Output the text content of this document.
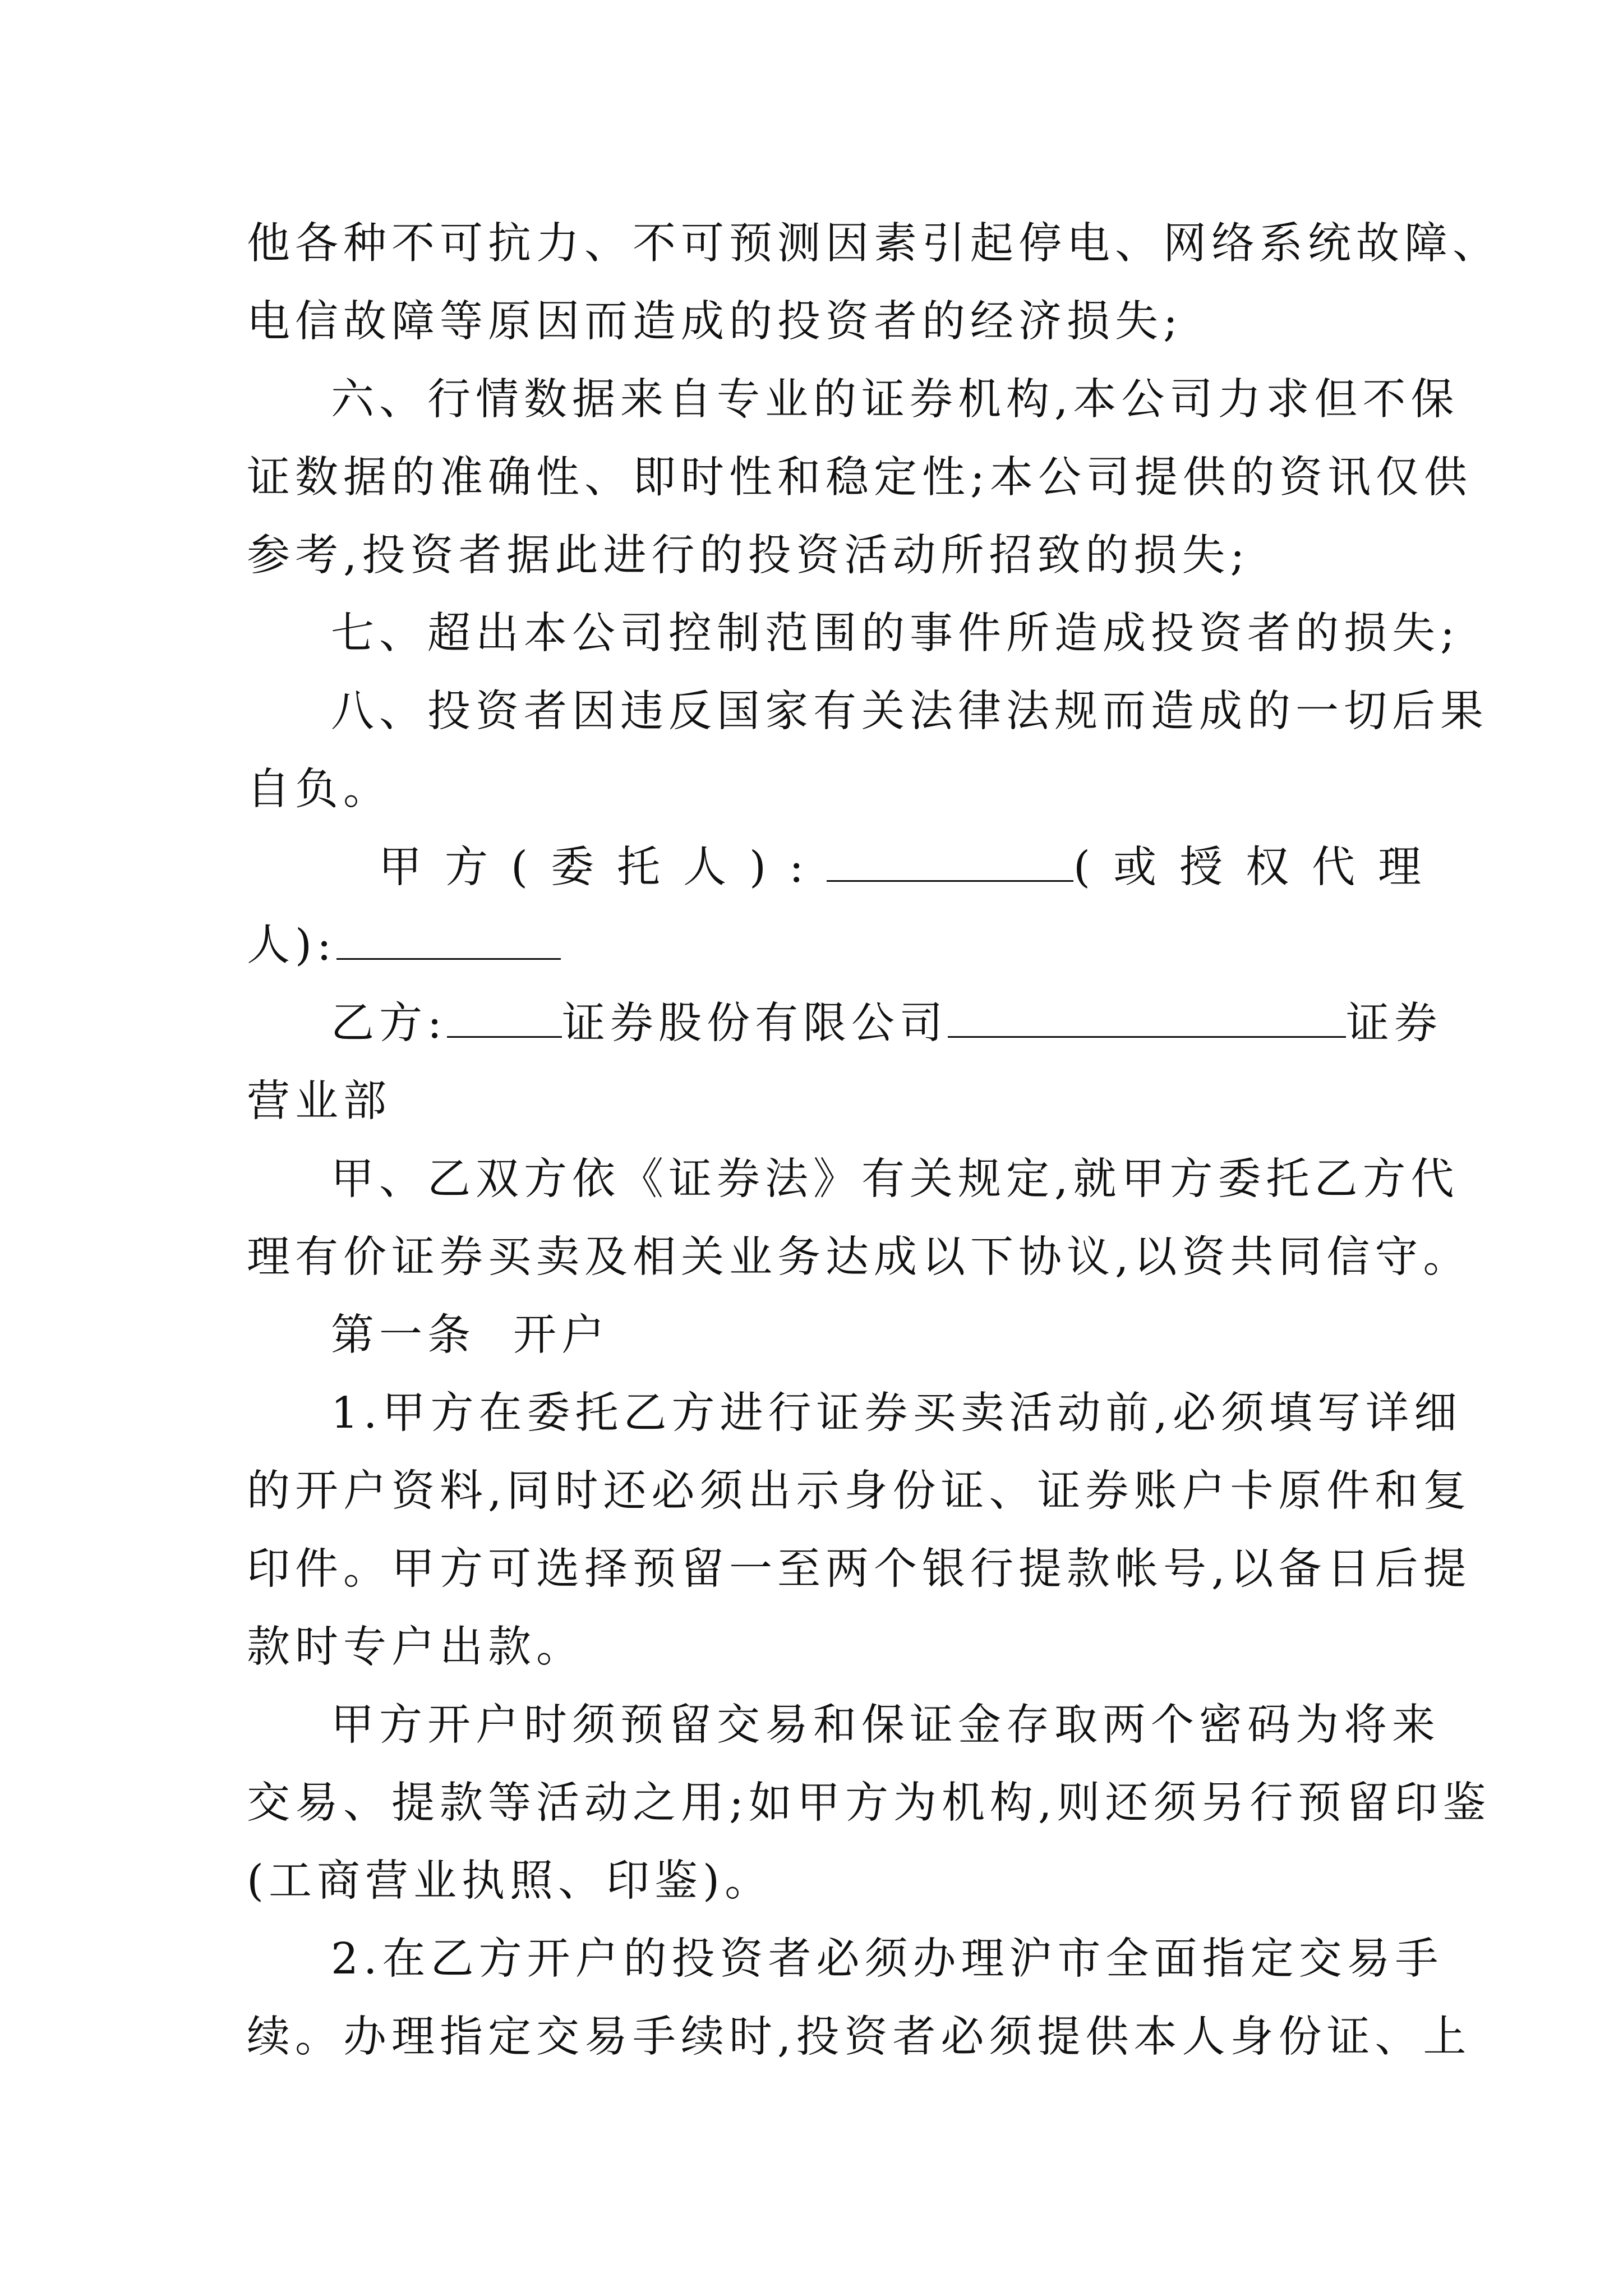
他各种不可抗力、不可预测因素引起停电、网络系统故障、
电信故障等原因而造成的投资者的经济损失;
六、行情数据来自专业的证券机构,本公司力求但不保
证数据的准确性、即时性和稳定性;本公司提供的资讯仅供
参考,投资者据此进行的投资活动所招致的损失;
七、超出本公司控制范围的事件所造成投资者的损失;
八、投资者因违反国家有关法律法规而造成的一切后果
自负。
甲方(委托人):	(或授权代理
人):
乙方:	证券股份有限公司	证券
营业部
甲、乙双方依《证券法》有关规定,就甲方委托乙方代
理有价证券买卖及相关业务达成以下协议,以资共同信守。
第一条  开户
1.甲方在委托乙方进行证券买卖活动前,必须填写详细
的开户资料,同时还必须出示身份证、证券账户卡原件和复
印件。甲方可选择预留一至两个银行提款帐号,以备日后提
款时专户出款。
甲方开户时须预留交易和保证金存取两个密码为将来
交易、提款等活动之用;如甲方为机构,则还须另行预留印鉴
(工商营业执照、印鉴)。
2.在乙方开户的投资者必须办理沪市全面指定交易手
续。办理指定交易手续时,投资者必须提供本人身份证、上
